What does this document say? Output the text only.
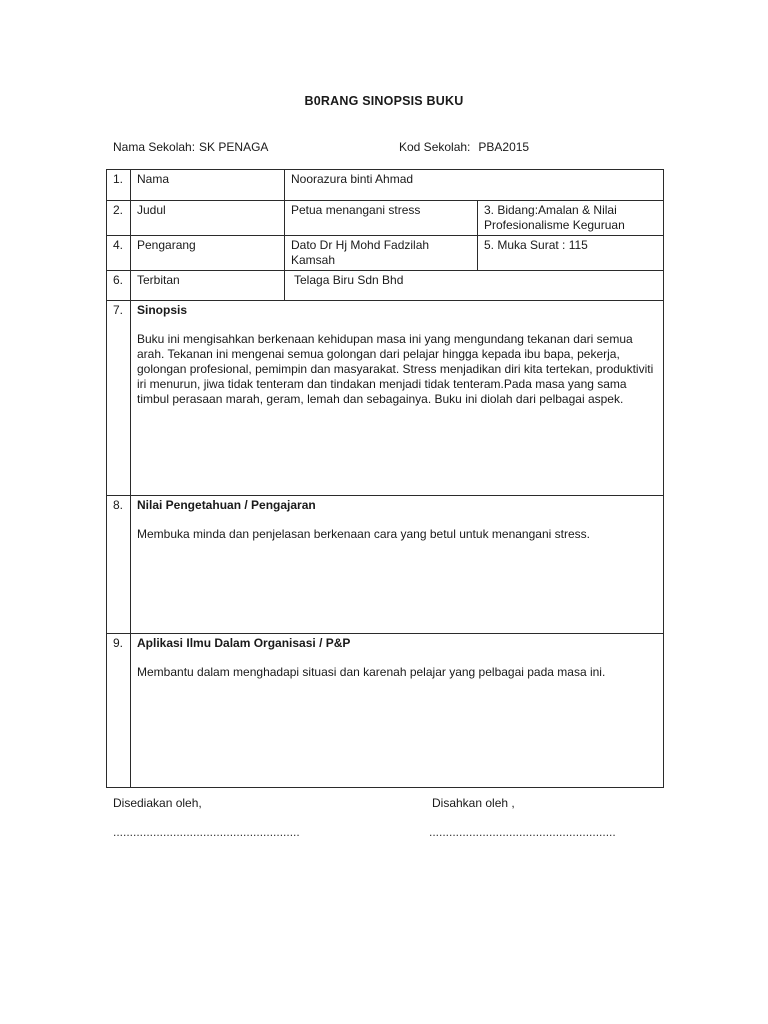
B0RANG SINOPSIS BUKU
Nama Sekolah: SK PENAGA	Kod Sekolah: PBA2015
1.	Nama	Noorazura binti Ahmad	
2.	Judul	Petua menangani stress	3. Bidang:Amalan & Nilai Profesionalisme Keguruan
4.	Pengarang	Dato Dr Hj Mohd Fadzilah Kamsah	5. Muka Surat : 115
6.	Terbitan	Telaga Biru Sdn Bhd	
7.	Sinopsis
Buku ini mengisahkan berkenaan kehidupan masa ini yang mengundang tekanan dari semua arah. Tekanan ini mengenai semua golongan dari pelajar hingga kepada ibu bapa, pekerja, golongan profesional, pemimpin dan masyarakat. Stress menjadikan diri kita tertekan, produktiviti iri menurun, jiwa tidak tenteram dan tindakan menjadi tidak tenteram.Pada masa yang sama timbul perasaan marah, geram, lemah dan sebagainya. Buku ini diolah dari pelbagai aspek.		

8.	Nilai Pengetahuan / Pengajaran
Membuka minda dan penjelasan berkenaan cara yang betul untuk menangani stress.		

9.	Aplikasi Ilmu Dalam Organisasi / P&P
Membantu dalam menghadapi situasi dan karenah pelajar yang pelbagai pada masa ini.		
Disediakan oleh,	Disahkan oleh ,
........................................................	........................................................
